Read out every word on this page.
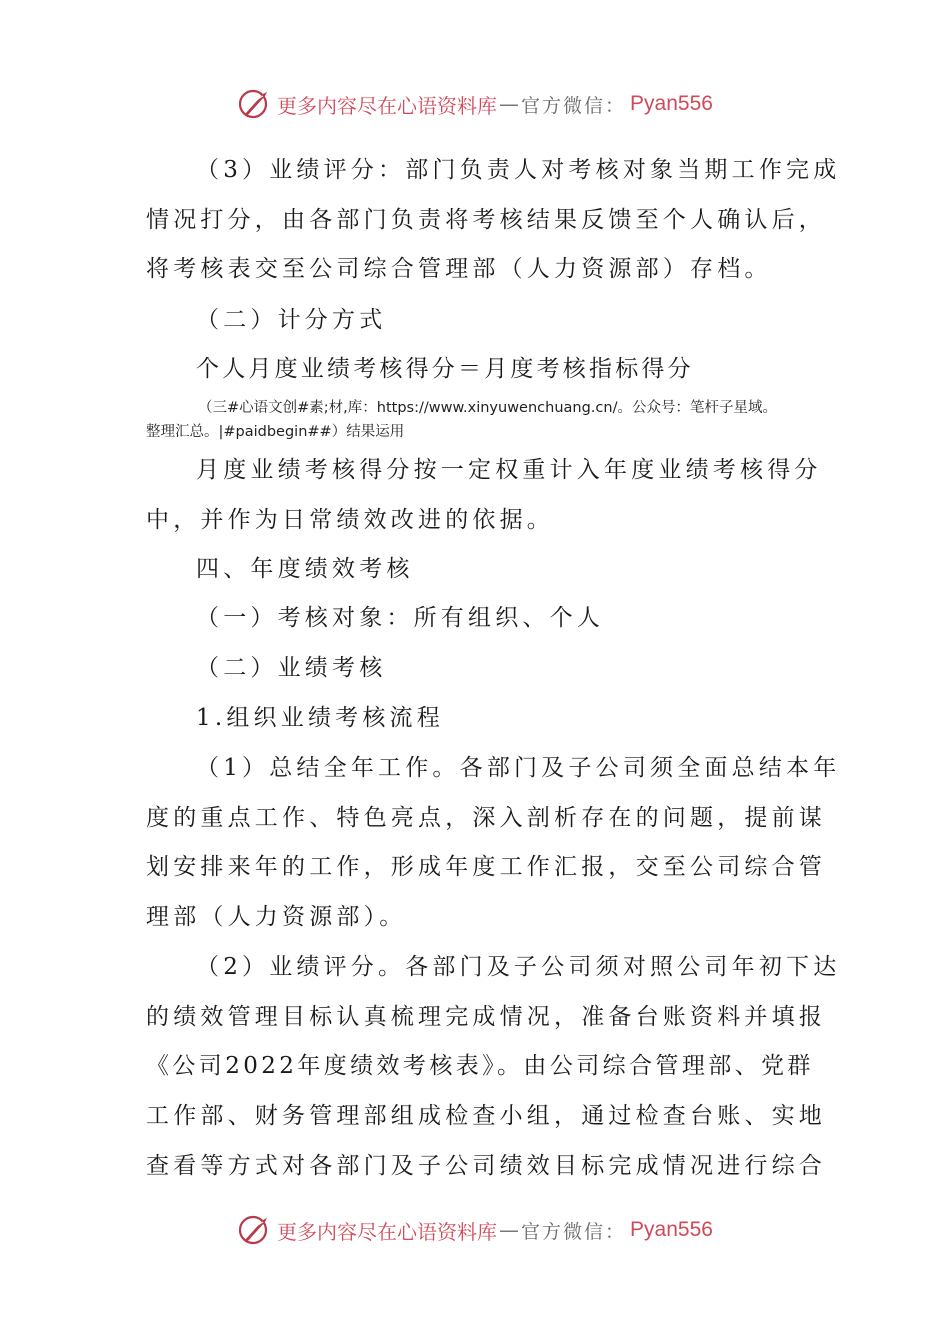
更多内容尽在心语资料库 — 官方微信： Pyan556
（3）业绩评分：部门负责人对考核对象当期工作完成
情况打分，由各部门负责将考核结果反馈至个人确认后，
将考核表交至公司综合管理部（人力资源部）存档。
（二）计分方式
个人月度业绩考核得分＝月度考核指标得分
（三#心语文创#素;材,库：https://www.xinyuwenchuang.cn/。公众号：笔杆子星域。
整理汇总。|#paidbegin##）结果运用
月度业绩考核得分按一定权重计入年度业绩考核得分
中，并作为日常绩效改进的依据。
四、年度绩效考核
（一）考核对象：所有组织、个人
（二）业绩考核
1.组织业绩考核流程
（1）总结全年工作。各部门及子公司须全面总结本年
度的重点工作、特色亮点，深入剖析存在的问题，提前谋
划安排来年的工作，形成年度工作汇报，交至公司综合管
理部（人力资源部）。
（2）业绩评分。各部门及子公司须对照公司年初下达
的绩效管理目标认真梳理完成情况，准备台账资料并填报
《公司2022年度绩效考核表》。由公司综合管理部、党群
工作部、财务管理部组成检查小组，通过检查台账、实地
查看等方式对各部门及子公司绩效目标完成情况进行综合
更多内容尽在心语资料库 — 官方微信： Pyan556
